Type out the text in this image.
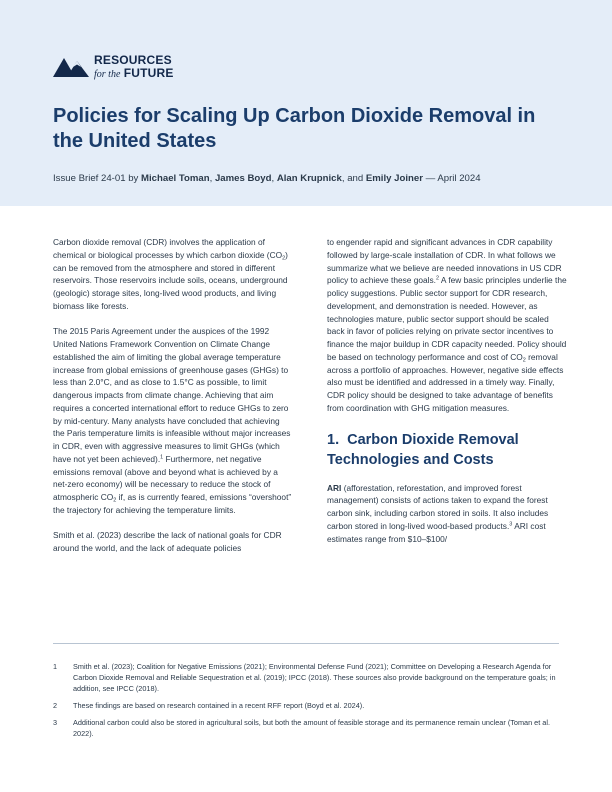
RESOURCES
for the FUTURE
Policies for Scaling Up Carbon Dioxide Removal in the United States
Issue Brief 24-01 by Michael Toman, James Boyd, Alan Krupnick, and Emily Joiner — April 2024

Carbon dioxide removal (CDR) involves the application of chemical or biological processes by which carbon dioxide $(CO_2)$ can be removed from the atmosphere and stored in different reservoirs. Those reservoirs include soils, oceans, underground (geologic) storage sites, long-lived wood products, and living biomass like forests.

The 2015 Paris Agreement under the auspices of the 1992 United Nations Framework Convention on Climate Change established the aim of limiting the global average temperature increase from global emissions of greenhouse gases (GHGs) to less than 2.0°C, and as close to 1.5°C as possible, to limit dangerous impacts from climate change. Achieving that aim requires a concerted international effort to reduce GHGs to zero by mid-century. Many analysts have concluded that achieving the Paris temperature limits is infeasible without major increases in CDR, even with aggressive measures to limit GHGs (which have not yet been achieved).$^1$ Furthermore, net negative emissions removal (above and beyond what is achieved by a net-zero economy) will be necessary to reduce the stock of atmospheric $CO_2$ if, as is currently feared, emissions “overshoot” the trajectory for achieving the temperature limits.

Smith et al. (2023) describe the lack of national goals for CDR around the world, and the lack of adequate policies

to engender rapid and significant advances in CDR capability followed by large-scale installation of CDR. In what follows we summarize what we believe are needed innovations in US CDR policy to achieve these goals.$^2$ A few basic principles underlie the policy suggestions. Public sector support for CDR research, development, and demonstration is needed. However, as technologies mature, public sector support should be scaled back in favor of policies relying on private sector incentives to finance the major buildup in CDR capacity needed. Policy should be based on technology performance and cost of $CO_2$ removal across a portfolio of approaches. However, negative side effects also must be identified and addressed in a timely way. Finally, CDR policy should be designed to take advantage of benefits from coordination with GHG mitigation measures.

1. Carbon Dioxide Removal Technologies and Costs

ARI (afforestation, reforestation, and improved forest management) consists of actions taken to expand the forest carbon sink, including carbon stored in soils. It also includes carbon stored in long-lived wood-based products.$^3$ ARI cost estimates range from $10–$100/

1 Smith et al. (2023); Coalition for Negative Emissions (2021); Environmental Defense Fund (2021); Committee on Developing a Research Agenda for Carbon Dioxide Removal and Reliable Sequestration et al. (2019); IPCC (2018). These sources also provide background on the temperature goals; in addition, see IPCC (2018).
2 These findings are based on research contained in a recent RFF report (Boyd et al. 2024).
3 Additional carbon could also be stored in agricultural soils, but both the amount of feasible storage and its permanence remain unclear (Toman et al. 2022).
